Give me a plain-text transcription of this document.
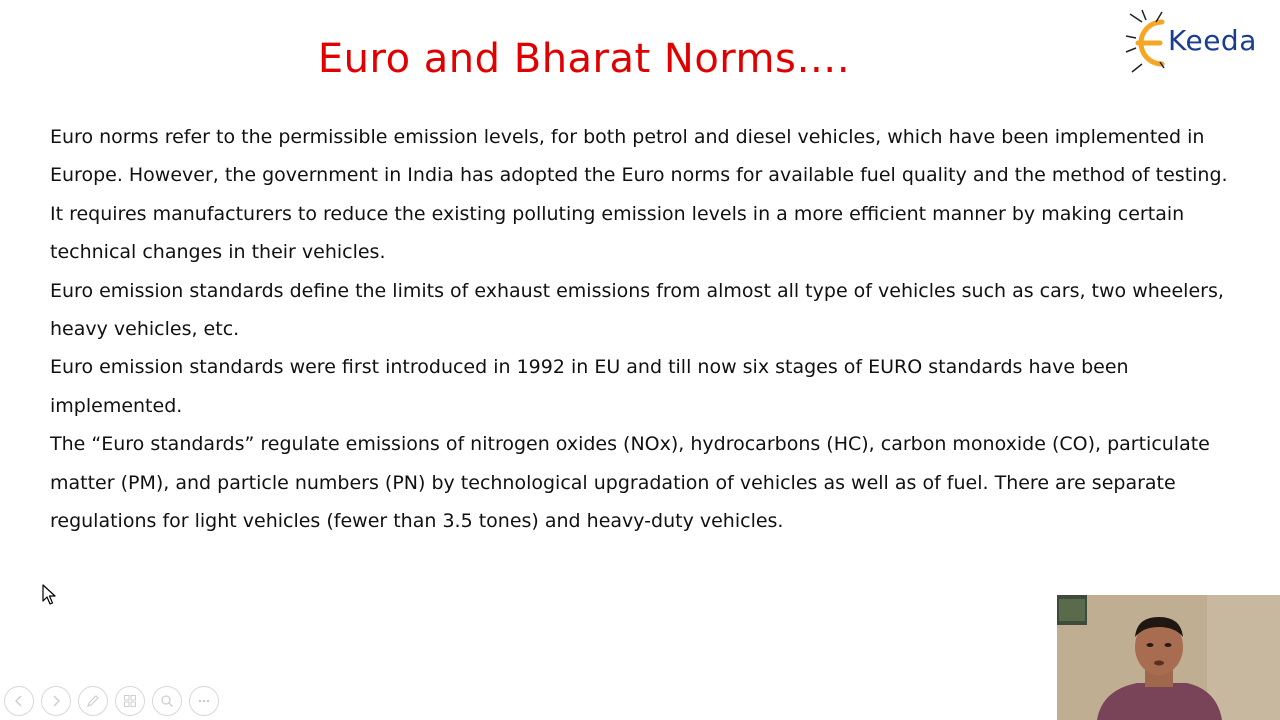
Euro and Bharat Norms….	Keeda

Euro norms refer to the permissible emission levels, for both petrol and diesel vehicles, which have been implemented in Europe. However, the government in India has adopted the Euro norms for available fuel quality and the method of testing.

It requires manufacturers to reduce the existing polluting emission levels in a more efficient manner by making certain technical changes in their vehicles.

Euro emission standards define the limits of exhaust emissions from almost all type of vehicles such as cars, two wheelers, heavy vehicles, etc.

Euro emission standards were first introduced in 1992 in EU and till now six stages of EURO standards have been implemented.

The “Euro standards” regulate emissions of nitrogen oxides (NOx), hydrocarbons (HC), carbon monoxide (CO), particulate matter (PM), and particle numbers (PN) by technological upgradation of vehicles as well as of fuel. There are separate regulations for light vehicles (fewer than 3.5 tones) and heavy-duty vehicles.
